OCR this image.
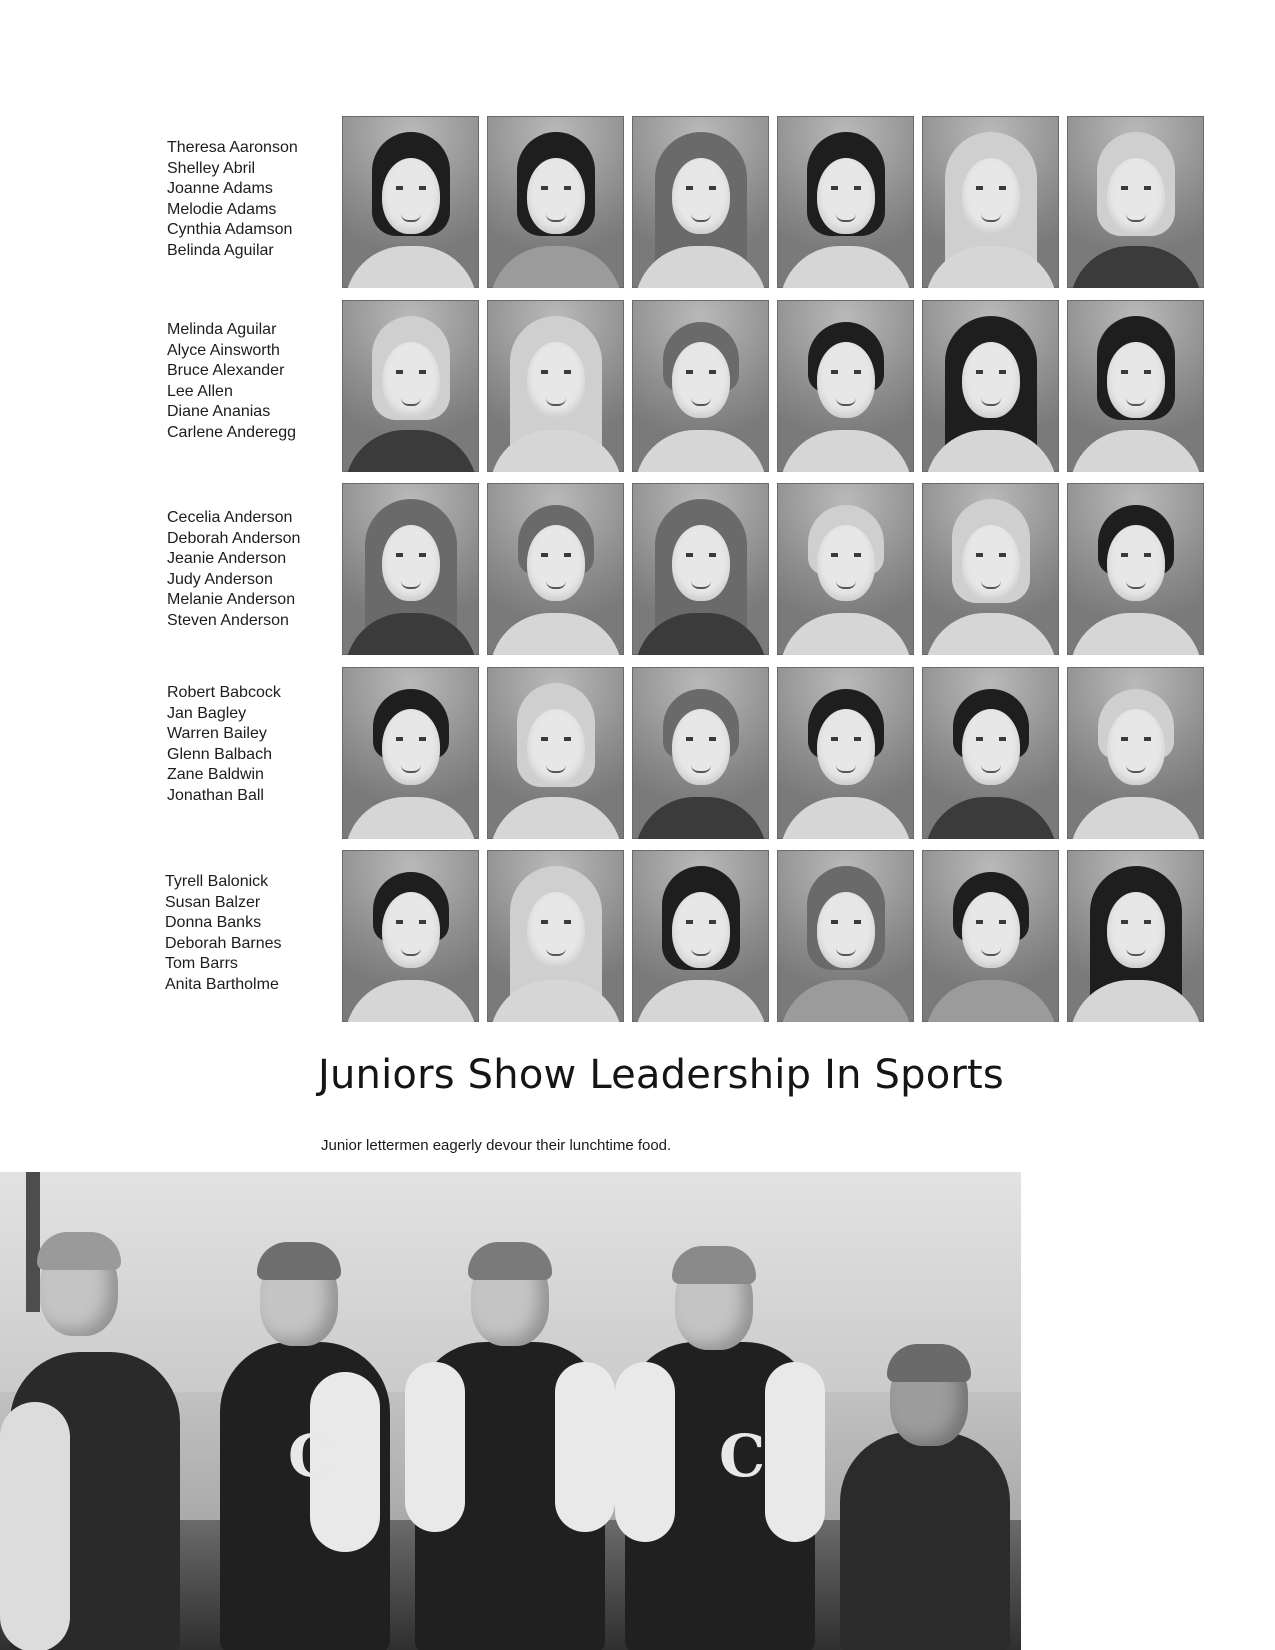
Theresa Aaronson
Shelley Abril
Joanne Adams
Melodie Adams
Cynthia Adamson
Belinda Aguilar
Melinda Aguilar
Alyce Ainsworth
Bruce Alexander
Lee Allen
Diane Ananias
Carlene Anderegg
Cecelia Anderson
Deborah Anderson
Jeanie Anderson
Judy Anderson
Melanie Anderson
Steven Anderson
Robert Babcock
Jan Bagley
Warren Bailey
Glenn Balbach
Zane Baldwin
Jonathan Ball
Tyrell Balonick
Susan Balzer
Donna Banks
Deborah Barnes
Tom Barrs
Anita Bartholme
Juniors Show Leadership In Sports

Junior lettermen eagerly devour their lunchtime food.

C	C
